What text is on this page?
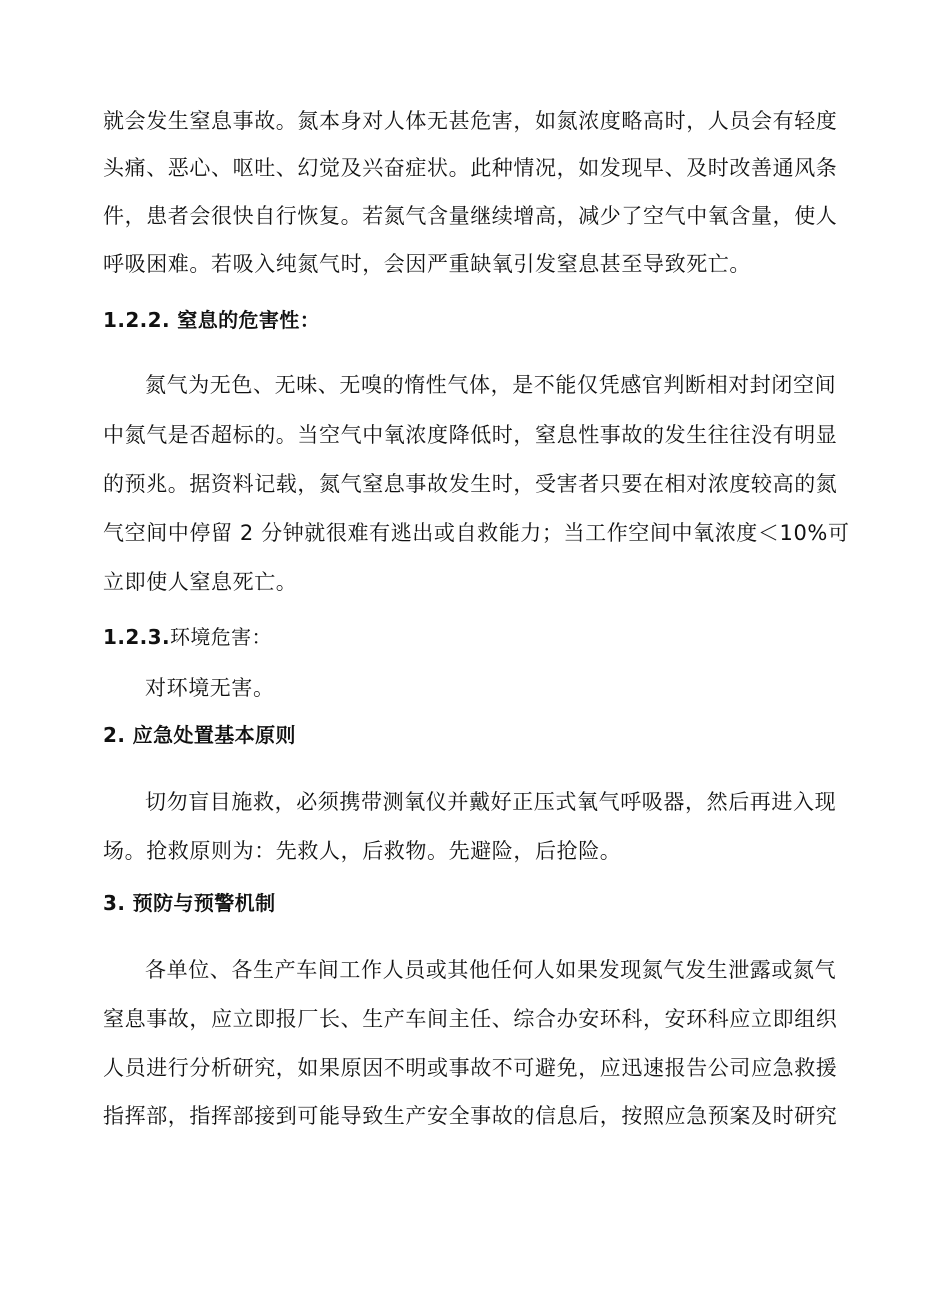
就会发生窒息事故。氮本身对人体无甚危害，如氮浓度略高时，人员会有轻度
头痛、恶心、呕吐、幻觉及兴奋症状。此种情况，如发现早、及时改善通风条
件，患者会很快自行恢复。若氮气含量继续增高，减少了空气中氧含量，使人
呼吸困难。若吸入纯氮气时，会因严重缺氧引发窒息甚至导致死亡。
1.2.2. 窒息的危害性：
氮气为无色、无味、无嗅的惰性气体，是不能仅凭感官判断相对封闭空间
中氮气是否超标的。当空气中氧浓度降低时，窒息性事故的发生往往没有明显
的预兆。据资料记载，氮气窒息事故发生时，受害者只要在相对浓度较高的氮
气空间中停留 2 分钟就很难有逃出或自救能力；当工作空间中氧浓度＜10%可
立即使人窒息死亡。
1.2.3.环境危害：
对环境无害。
2. 应急处置基本原则
切勿盲目施救，必须携带测氧仪并戴好正压式氧气呼吸器，然后再进入现
场。抢救原则为：先救人，后救物。先避险，后抢险。
3. 预防与预警机制
各单位、各生产车间工作人员或其他任何人如果发现氮气发生泄露或氮气
窒息事故，应立即报厂长、生产车间主任、综合办安环科，安环科应立即组织
人员进行分析研究，如果原因不明或事故不可避免，应迅速报告公司应急救援
指挥部，指挥部接到可能导致生产安全事故的信息后，按照应急预案及时研究
